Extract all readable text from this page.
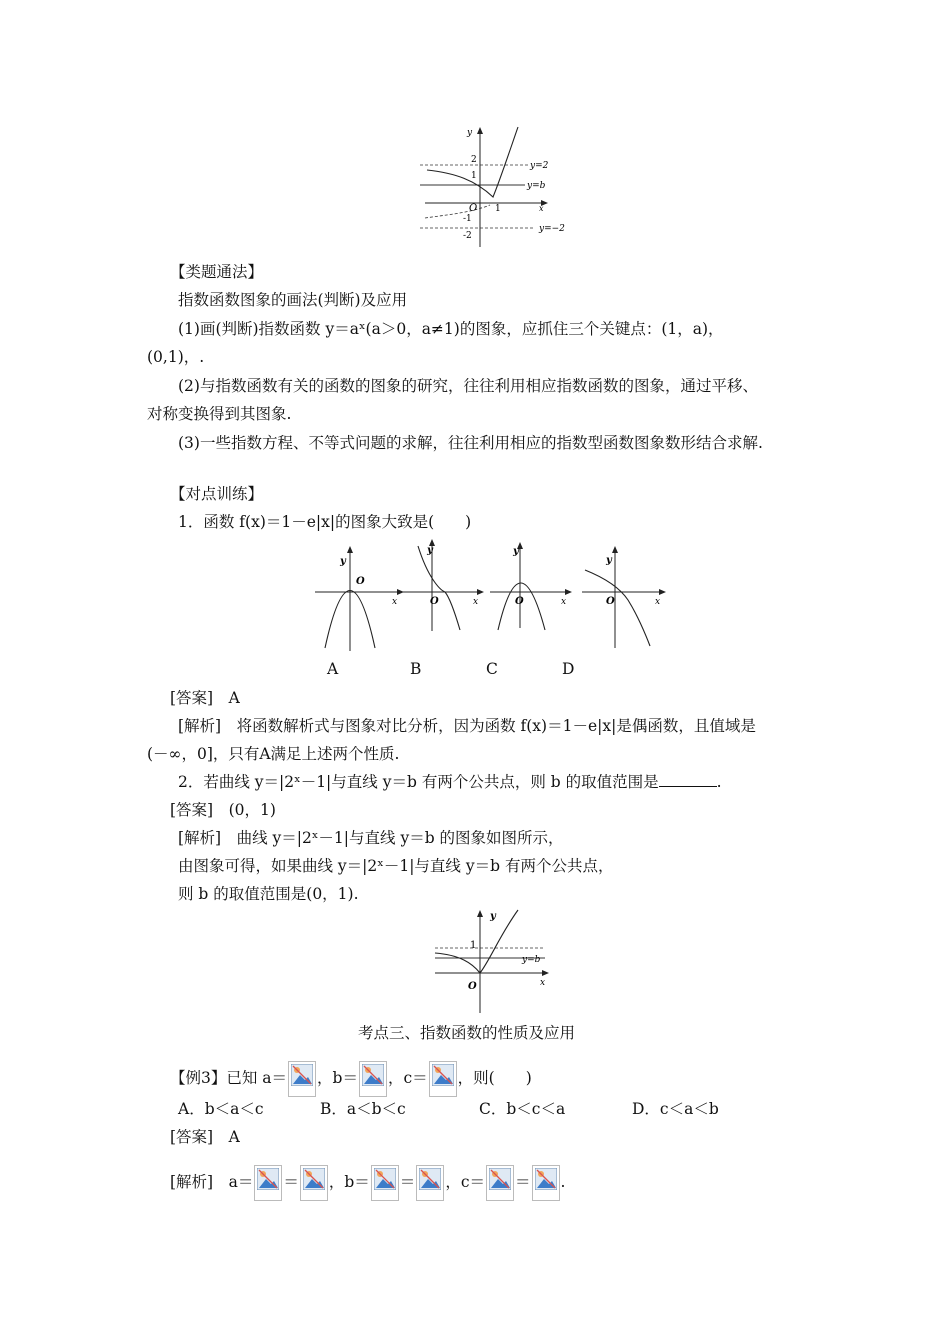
y
2
1
O
-1
-2
1	x
y=2
y=b
y=−2
【类题通法】
指数函数图象的画法(判断)及应用
(1)画(判断)指数函数 y＝aˣ(a＞0，a≠1)的图象，应抓住三个关键点：(1，a)，
(0,1)，.
(2)与指数函数有关的函数的图象的研究，往往利用相应指数函数的图象，通过平移、
对称变换得到其图象.
(3)一些指数方程、不等式问题的求解，往往利用相应的指数型函数图象数形结合求解.
【对点训练】
1．函数 f(x)＝1－e|x|的图象大致是(　　)
y
O
x
y
O	x
y
O	x
y
O	x
A	B	C	D
[答案]　A
[解析]　将函数解析式与图象对比分析，因为函数 f(x)＝1－e|x|是偶函数，且值域是
(－∞，0]，只有A满足上述两个性质.
2．若曲线 y＝|2ˣ－1|与直线 y＝b 有两个公共点，则 b 的取值范围是	.
[答案]　(0，1)
[解析]　曲线 y＝|2ˣ－1|与直线 y＝b 的图象如图所示，
由图象可得，如果曲线 y＝|2ˣ－1|与直线 y＝b 有两个公共点，
则 b 的取值范围是(0，1).
y
1
O	x
y=b
考点三、指数函数的性质及应用
【例3】已知 a＝ ，b＝ ，c＝ ，则(　　)
A．b＜a＜c	B．a＜b＜c	C．b＜c＜a	D．c＜a＜b
[答案]　A
[解析]　a＝ ＝ ，b＝ ＝ ，c＝ ＝ .
